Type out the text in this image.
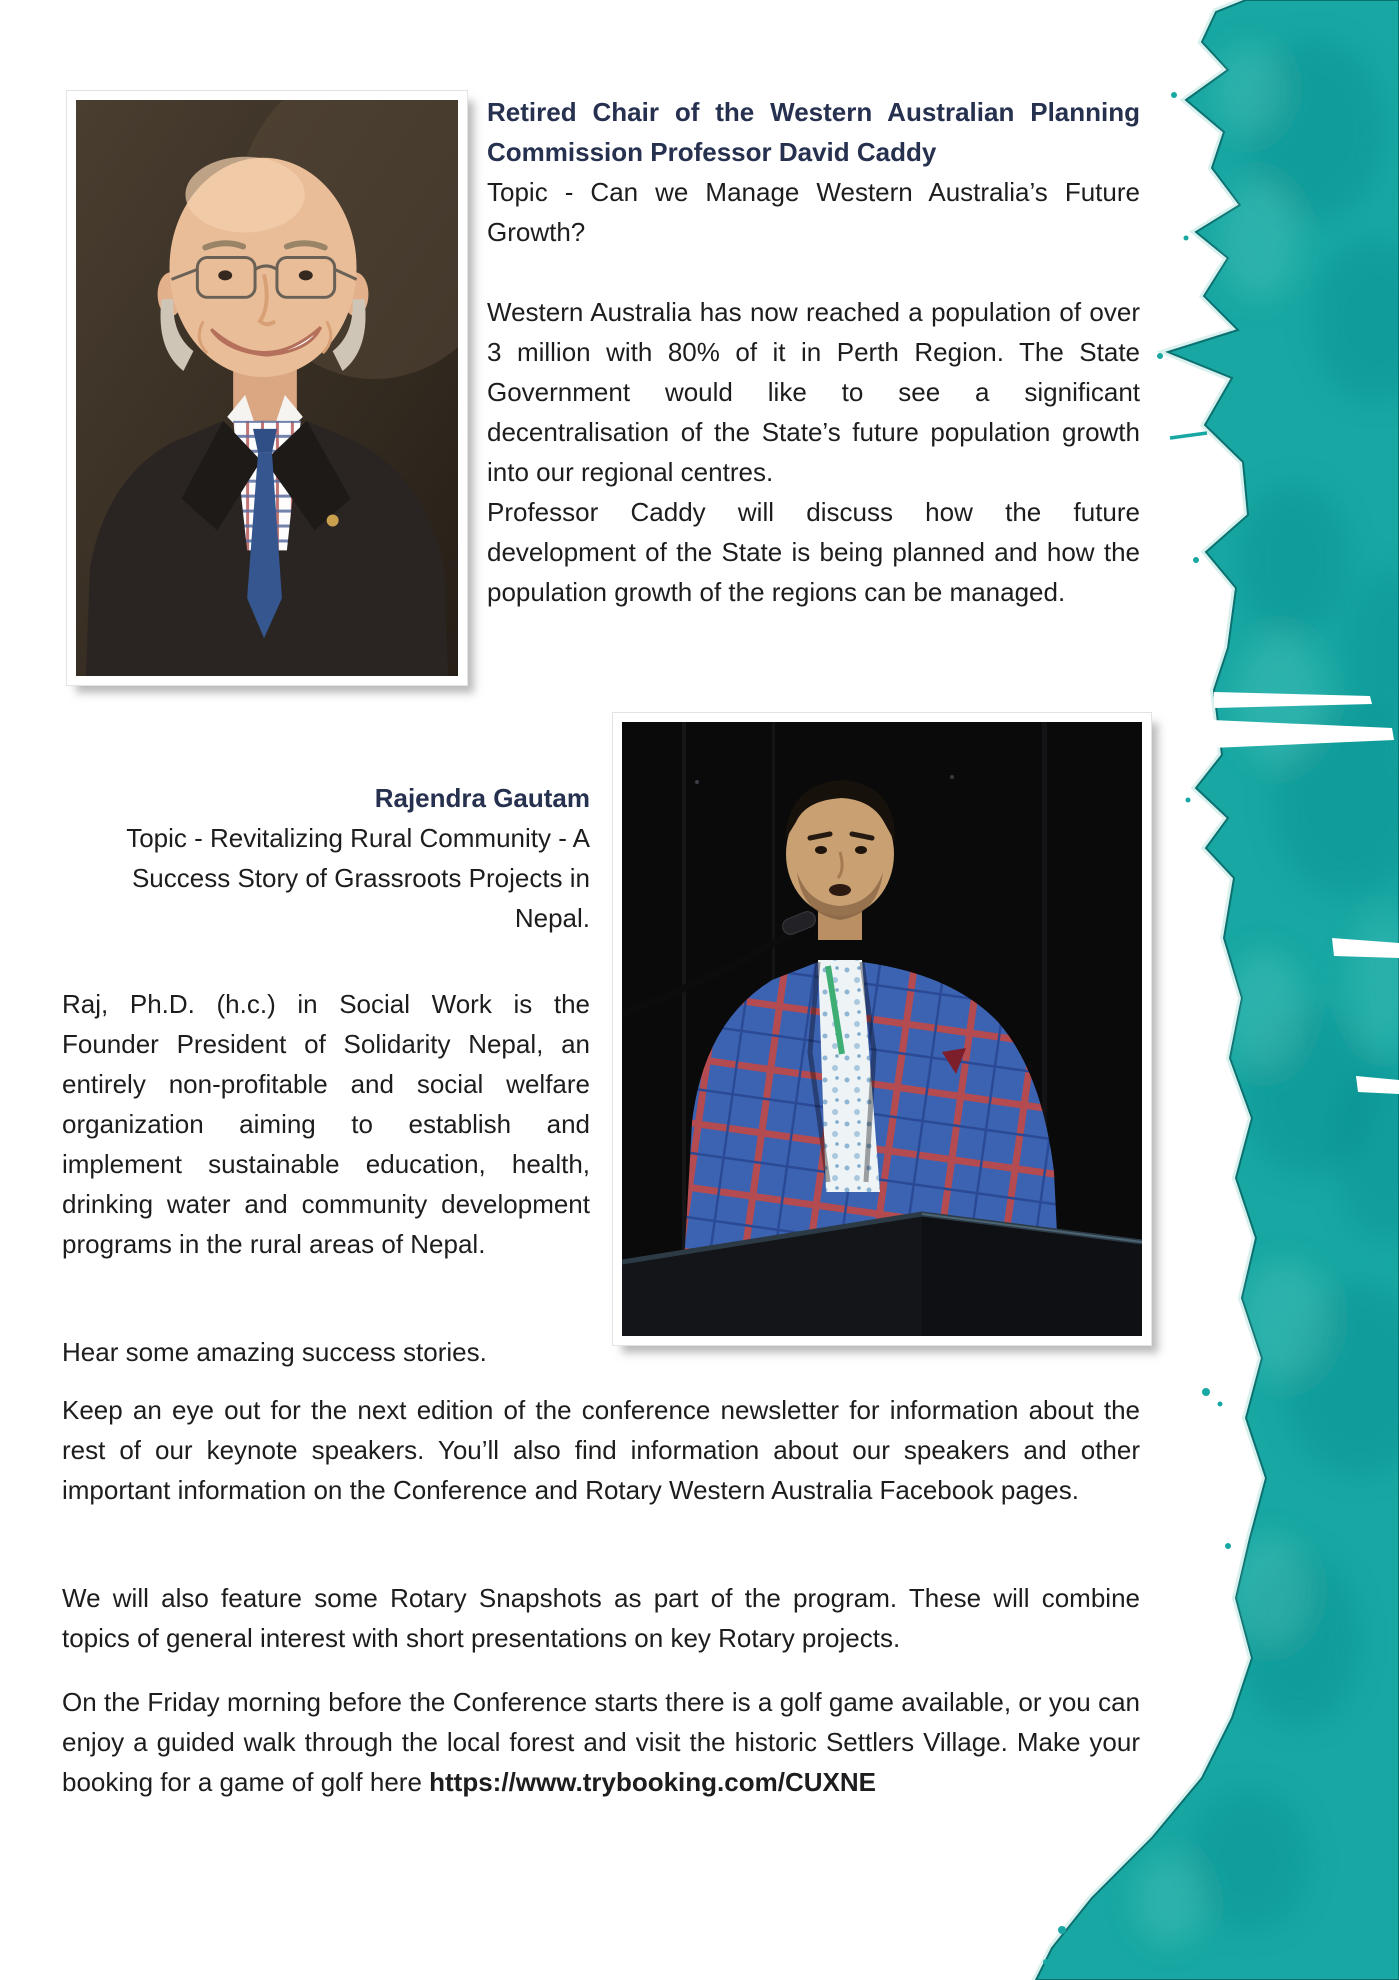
Retired Chair of the Western Australian Planning Commission Professor David Caddy

Topic - Can we Manage Western Australia’s Future Growth?

Western Australia has now reached a population of over 3 million with 80% of it in Perth Region. The State Government would like to see a significant decentralisation of the State’s future population growth into our regional centres.

Professor Caddy will discuss how the future development of the State is being planned and how the population growth of the regions can be managed.

Rajendra Gautam

Topic - Revitalizing Rural Community - A Success Story of Grassroots Projects in Nepal.

Raj, Ph.D. (h.c.) in Social Work is the Founder President of Solidarity Nepal, an entirely non-profitable and social welfare organization aiming to establish and implement sustainable education, health, drinking water and community development programs in the rural areas of Nepal.

Hear some amazing success stories.

Keep an eye out for the next edition of the conference newsletter for information about the rest of our keynote speakers. You’ll also find information about our speakers and other important information on the Conference and Rotary Western Australia Facebook pages.

We will also feature some Rotary Snapshots as part of the program. These will combine topics of general interest with short presentations on key Rotary projects.

On the Friday morning before the Conference starts there is a golf game available, or you can enjoy a guided walk through the local forest and visit the historic Settlers Village. Make your booking for a game of golf here https://www.trybooking.com/CUXNE
